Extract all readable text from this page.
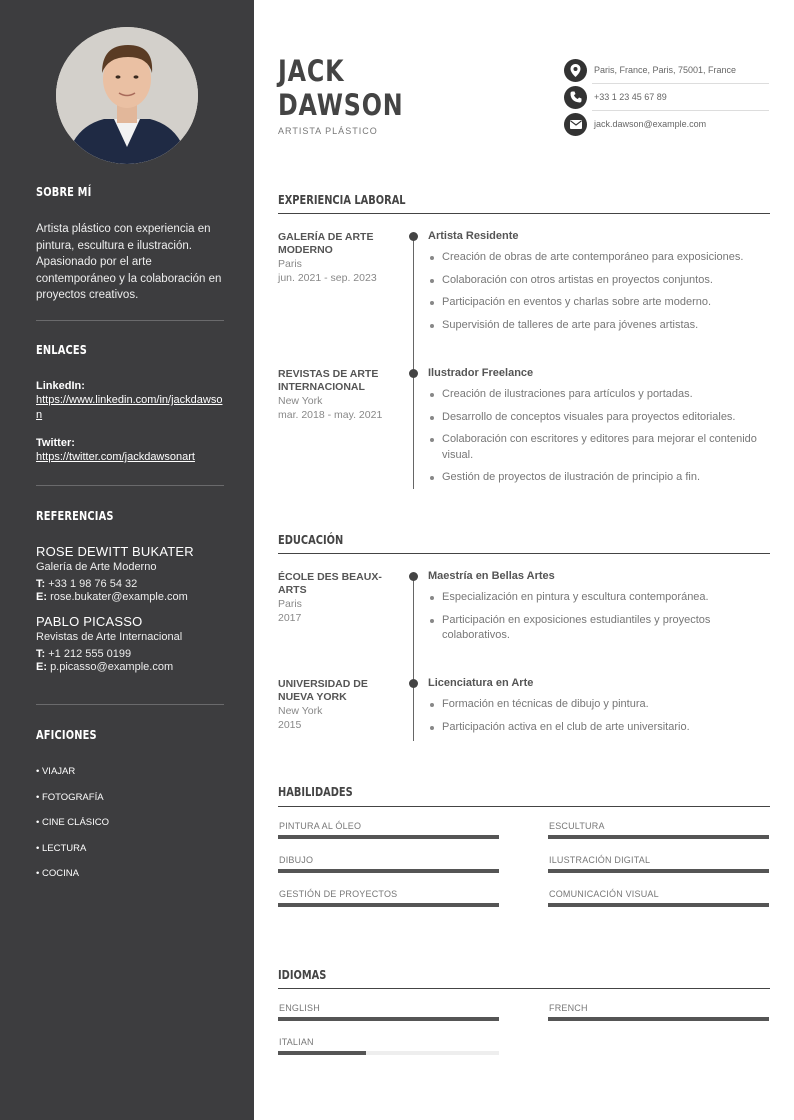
SOBRE MÍ
Artista plástico con experiencia en pintura, escultura e ilustración. Apasionado por el arte contemporáneo y la colaboración en proyectos creativos.
ENLACES
LinkedIn:
https://www.linkedin.com/in/jackdawson
Twitter:
https://twitter.com/jackdawsonart
REFERENCIAS
ROSE DEWITT BUKATER
Galería de Arte Moderno
T: +33 1 98 76 54 32
E: rose.bukater@example.com
PABLO PICASSO
Revistas de Arte Internacional
T: +1 212 555 0199
E: p.picasso@example.com
AFICIONES
• VIAJAR
• FOTOGRAFÍA
• CINE CLÁSICO
• LECTURA
• COCINA
JACK
DAWSON
ARTISTA PLÁSTICO
Paris, France, Paris, 75001, France
+33 1 23 45 67 89
jack.dawson@example.com
EXPERIENCIA LABORAL
GALERÍA DE ARTE MODERNO
Paris
jun. 2021 - sep. 2023
Artista Residente
Creación de obras de arte contemporáneo para exposiciones.
Colaboración con otros artistas en proyectos conjuntos.
Participación en eventos y charlas sobre arte moderno.
Supervisión de talleres de arte para jóvenes artistas.
REVISTAS DE ARTE INTERNACIONAL
New York
mar. 2018 - may. 2021
Ilustrador Freelance
Creación de ilustraciones para artículos y portadas.
Desarrollo de conceptos visuales para proyectos editoriales.
Colaboración con escritores y editores para mejorar el contenido visual.
Gestión de proyectos de ilustración de principio a fin.
EDUCACIÓN
ÉCOLE DES BEAUX-ARTS
Paris
2017
Maestría en Bellas Artes
Especialización en pintura y escultura contemporánea.
Participación en exposiciones estudiantiles y proyectos colaborativos.
UNIVERSIDAD DE NUEVA YORK
New York
2015
Licenciatura en Arte
Formación en técnicas de dibujo y pintura.
Participación activa en el club de arte universitario.
HABILIDADES
PINTURA AL ÓLEO	ESCULTURA
DIBUJO	ILUSTRACIÓN DIGITAL
GESTIÓN DE PROYECTOS	COMUNICACIÓN VISUAL
IDIOMAS
ENGLISH	FRENCH
ITALIAN
